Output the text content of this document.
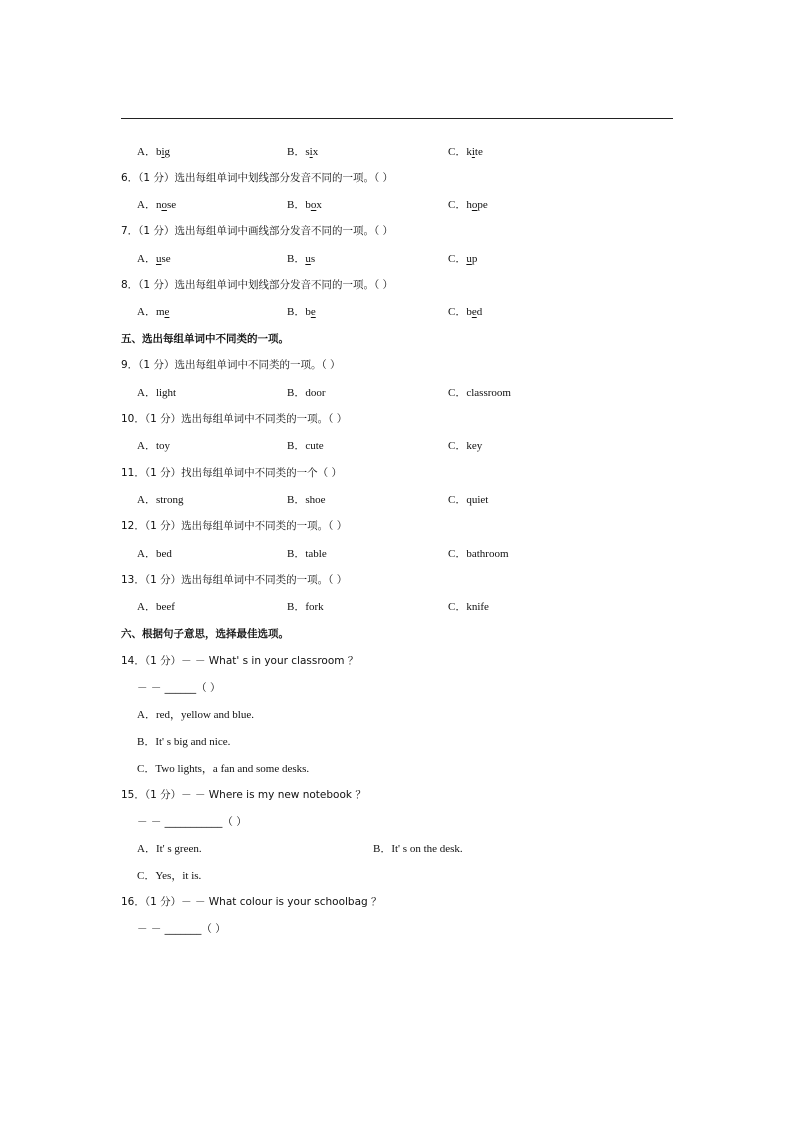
A．big	B．six	C．kite
6．（1 分）选出每组单词中划线部分发音不同的一项。（ ）
A．nose	B．box	C．hope
7．（1 分）选出每组单词中画线部分发音不同的一项。（ ）
A．use	B．us	C．up
8．（1 分）选出每组单词中划线部分发音不同的一项。（ ）
A．me	B．be	C．bed
五、选出每组单词中不同类的一项。
9．（1 分）选出每组单词中不同类的一项。（ ）
A．light	B．door	C．classroom
10．（1 分）选出每组单词中不同类的一项。（ ）
A．toy	B．cute	C．key
11．（1 分）找出每组单词中不同类的一个（ ）
A．strong	B．shoe	C．quiet
12．（1 分）选出每组单词中不同类的一项。（ ）
A．bed	B．table	C．bathroom
13．（1 分）选出每组单词中不同类的一项。（ ）
A．beef	B．fork	C．knife
六、根据句子意思，选择最佳选项。
14．（1 分）－ － What' s in your classroom ？
－ － ______（ ）
A．red，yellow and blue.
B．It' s big and nice.
C．Two lights，a fan and some desks.
15．（1 分）－ － Where is my new notebook ？
－ － ___________（ ）
A．It' s green.	B．It' s on the desk.
C．Yes，it is.
16．（1 分）－ － What colour is your schoolbag ？
－ － _______（ ）
